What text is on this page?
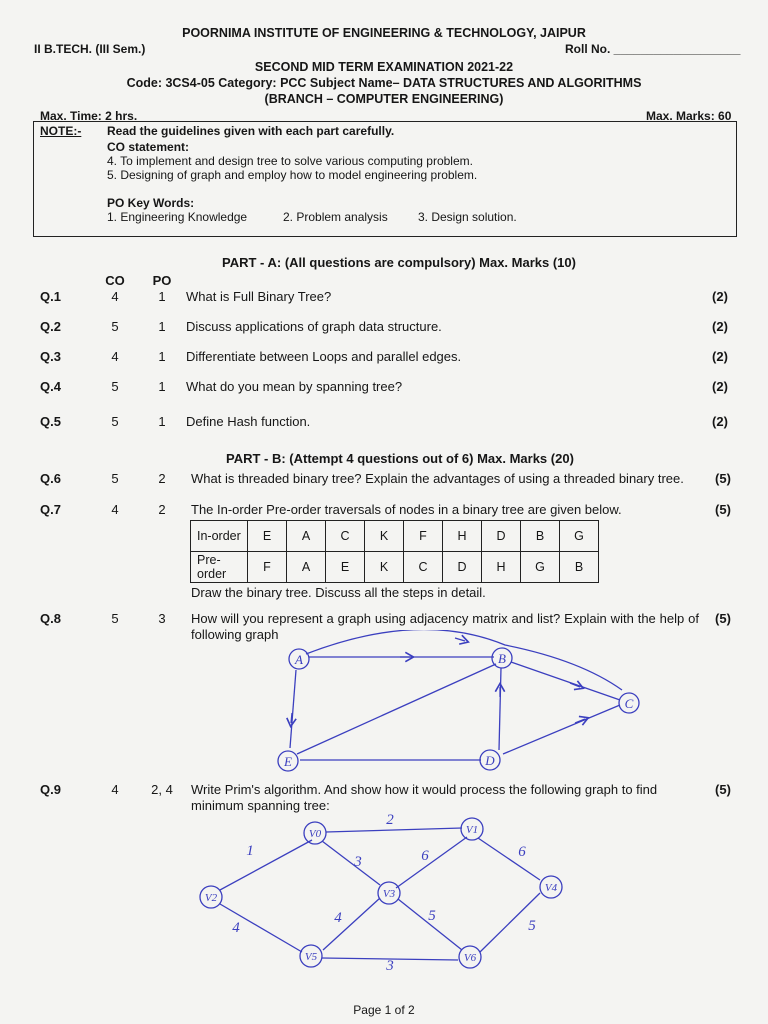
POORNIMA INSTITUTE OF ENGINEERING & TECHNOLOGY, JAIPUR
II B.TECH. (III Sem.)	Roll No. ___________________
SECOND MID TERM EXAMINATION 2021-22
Code: 3CS4-05 Category: PCC Subject Name– DATA STRUCTURES AND ALGORITHMS
(BRANCH – COMPUTER ENGINEERING)
Max. Time: 2 hrs.	Max. Marks: 60
NOTE:- Read the guidelines given with each part carefully.
CO statement:
4. To implement and design tree to solve various computing problem.
5. Designing of graph and employ how to model engineering problem.
PO Key Words:
1. Engineering Knowledge	2. Problem analysis	3. Design solution.
PART - A: (All questions are compulsory) Max. Marks (10)
CO	PO
Q.1	4	1	What is Full Binary Tree?	(2)
Q.2	5	1	Discuss applications of graph data structure.	(2)
Q.3	4	1	Differentiate between Loops and parallel edges.	(2)
Q.4	5	1	What do you mean by spanning tree?	(2)
Q.5	5	1	Define Hash function.	(2)
PART - B: (Attempt 4 questions out of 6) Max. Marks (20)
Q.6	5	2	What is threaded binary tree? Explain the advantages of using a threaded binary tree.	(5)
Q.7	4	2	The In-order Pre-order traversals of nodes in a binary tree are given below.	(5)
In-order	E	A	C	K	F	H	D	B	G
Pre-order	F	A	E	K	C	D	H	G	B
Draw the binary tree. Discuss all the steps in detail.
Q.8	5	3	How will you represent a graph using adjacency matrix and list? Explain with the help of following graph
(5)
A	B
C
D
E
Q.9	4	2, 4	Write Prim's algorithm. And show how it would process the following graph to find minimum spanning tree:
(5)
V0	V1
V2	V3	V4
V5	V6
2
1
3	6	6
4
4	5
5
3
Page 1 of 2
